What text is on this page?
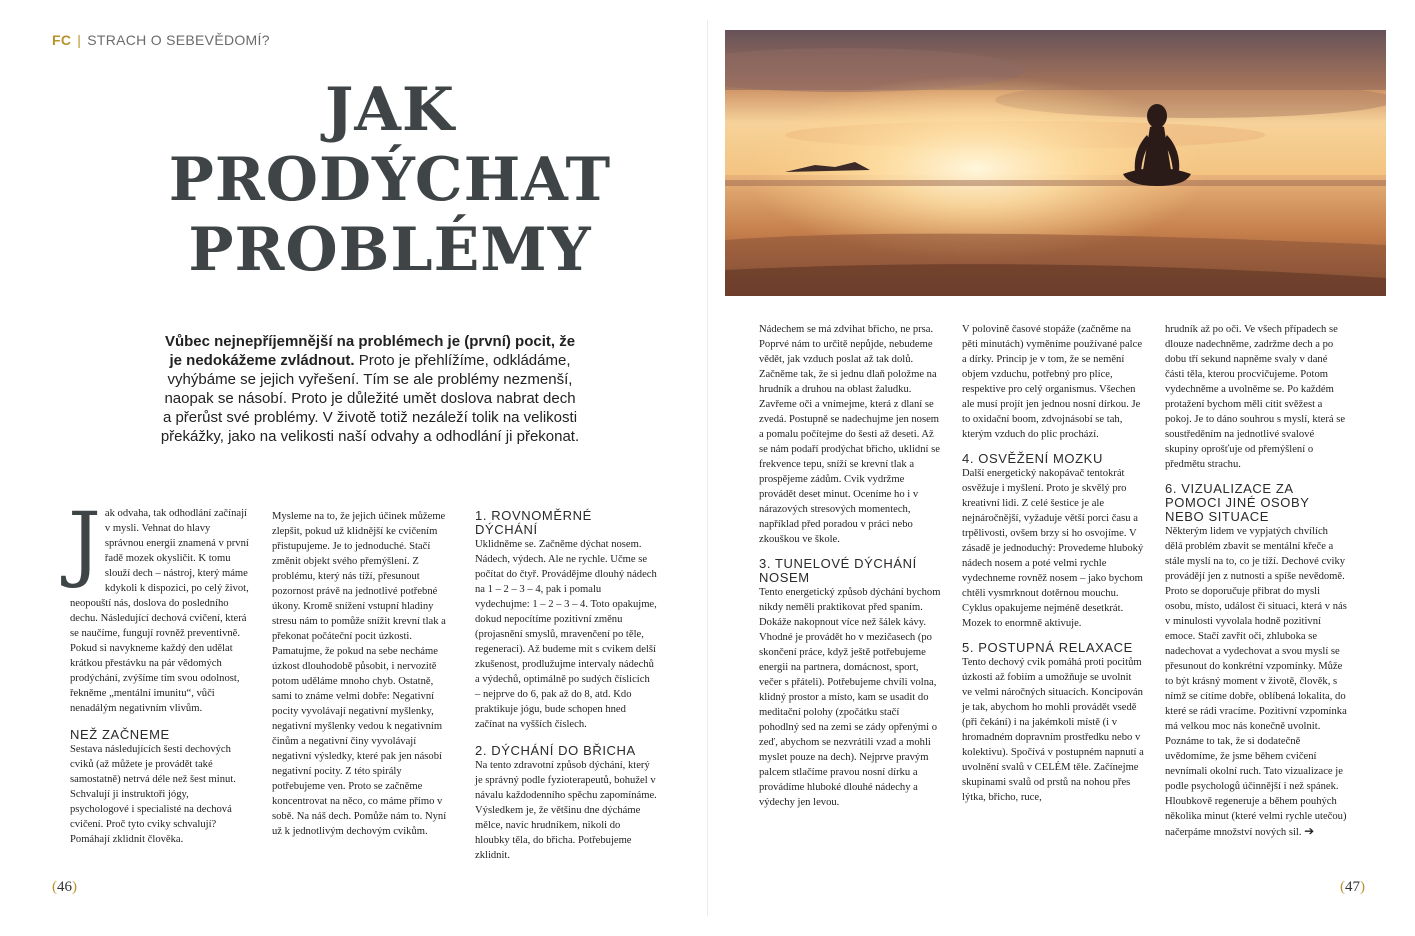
FC | STRACH O SEBEVĚDOMÍ?
JAK
PRODÝCHAT
PROBLÉMY
Vůbec nejnepříjemnější na problémech je (první) pocit, že je nedokážeme zvládnout. Proto je přehlížíme, odkládáme, vyhýbáme se jejich vyřešení. Tím se ale problémy nezmenší, naopak se násobí. Proto je důležité umět doslova nabrat dech a přerůst své problémy. V životě totiž nezáleží tolik na velikosti překážky, jako na velikosti naší odvahy a odhodlání ji překonat.
J ak odvaha, tak odhodlání začínají v mysli. Vehnat do hlavy správnou energii znamená v první řadě mozek okysličit. K tomu slouží dech – nástroj, který máme kdykoli k dispozici, po celý život, neopouští nás, doslova do posledního dechu. Následující dechová cvičení, která se naučíme, fungují rovněž preventivně. Pokud si navykneme každý den udělat krátkou přestávku na pár vědomých prodýchání, zvýšíme tím svou odolnost, řekněme „mentální imunitu“, vůči nenadálým negativním vlivům.

NEŽ ZAČNEME

Sestava následujících šesti dechových cviků (až můžete je provádět také samostatně) netrvá déle než šest minut. Schvalují ji instruktoři jógy, psychologové i specialisté na dechová cvičení. Proč tyto cviky schvalují? Pomáhají zklidnit člověka.

Mysleme na to, že jejich účinek můžeme zlepšit, pokud už klidnější ke cvičením přistupujeme. Je to jednoduché. Stačí změnit objekt svého přemýšlení. Z problému, který nás tíží, přesunout pozornost právě na jednotlivé potřebné úkony. Kromě snížení vstupní hladiny stresu nám to pomůže snížit krevní tlak a překonat počáteční pocit úzkosti. Pamatujme, že pokud na sebe necháme úzkost dlouhodobě působit, i nervozitě potom uděláme mnoho chyb. Ostatně, sami to známe velmi dobře: Negativní pocity vyvolávají negativní myšlenky, negativní myšlenky vedou k negativním činům a negativní činy vyvolávají negativní výsledky, které pak jen násobí negativní pocity. Z této spirály potřebujeme ven. Proto se začněme koncentrovat na něco, co máme přímo v sobě. Na náš dech. Pomůže nám to. Nyní už k jednotlivým dechovým cvikům.

1. ROVNOMĚRNÉ DÝCHÁNÍ

Uklidněme se. Začněme dýchat nosem. Nádech, výdech. Ale ne rychle. Učme se počítat do čtyř. Provádějme dlouhý nádech na 1 – 2 – 3 – 4, pak i pomalu vydechujme: 1 – 2 – 3 – 4. Toto opakujme, dokud nepocítíme pozitivní změnu (projasnění smyslů, mravenčení po těle, regeneraci). Až budeme mít s cvikem delší zkušenost, prodlužujme intervaly nádechů a výdechů, optimálně po sudých číslicích – nejprve do 6, pak až do 8, atd. Kdo praktikuje jógu, bude schopen hned začínat na vyšších číslech.

2. DÝCHÁNÍ DO BŘICHA

Na tento zdravotní způsob dýchání, který je správný podle fyzioterapeutů, bohužel v návalu každodenního spěchu zapomínáme. Výsledkem je, že většinu dne dýcháme mělce, navíc hrudníkem, nikoli do hloubky těla, do břicha. Potřebujeme zklidnit.

(46)

Nádechem se má zdvihat břicho, ne prsa. Poprvé nám to určitě nepůjde, nebudeme vědět, jak vzduch poslat až tak dolů. Začněme tak, že si jednu dlaň položme na hrudník a druhou na oblast žaludku. Zavřeme oči a vnímejme, která z dlaní se zvedá. Postupně se nadechujme jen nosem a pomalu počítejme do šesti až deseti. Až se nám podaří prodýchat břicho, uklidní se frekvence tepu, sníží se krevní tlak a prospějeme zádům. Cvik vydržme provádět deset minut. Oceníme ho i v nárazových stresových momentech, například před poradou v práci nebo zkouškou ve škole.

3. TUNELOVÉ DÝCHÁNÍ NOSEM

Tento energetický způsob dýchání bychom nikdy neměli praktikovat před spaním. Dokáže nakopnout více než šálek kávy. Vhodné je provádět ho v mezičasech (po skončení práce, když ještě potřebujeme energii na partnera, domácnost, sport, večer s přáteli). Potřebujeme chvíli volna, klidný prostor a místo, kam se usadit do meditační polohy (zpočátku stačí pohodlný sed na zemi se zády opřenými o zeď, abychom se nezvrátili vzad a mohli myslet pouze na dech). Nejprve pravým palcem stlačíme pravou nosní dírku a provádíme hluboké dlouhé nádechy a výdechy jen levou.

V polovině časové stopáže (začněme na pěti minutách) vyměníme používané palce a dírky. Princip je v tom, že se nemění objem vzduchu, potřebný pro plíce, respektive pro celý organismus. Všechen ale musí projít jen jednou nosní dírkou. Je to oxidační boom, zdvojnásobí se tah, kterým vzduch do plic prochází.

4. OSVĚŽENÍ MOZKU

Další energetický nakopávač tentokrát osvěžuje i myšlení. Proto je skvělý pro kreativní lidi. Z celé šestice je ale nejnáročnější, vyžaduje větší porci času a trpělivosti, ovšem brzy si ho osvojíme. V zásadě je jednoduchý: Provedeme hluboký nádech nosem a poté velmi rychle vydechneme rovněž nosem – jako bychom chtěli vysmrknout dotěrnou mouchu. Cyklus opakujeme nejméně desetkrát. Mozek to enormně aktivuje.

5. POSTUPNÁ RELAXACE

Tento dechový cvik pomáhá proti pocitům úzkosti až fobiím a umožňuje se uvolnit ve velmi náročných situacích. Koncipován je tak, abychom ho mohli provádět vsedě (při čekání) i na jakémkoli místě (i v hromadném dopravním prostředku nebo v kolektivu). Spočívá v postupném napnutí a uvolnění svalů v CELÉM těle. Začínejme skupinami svalů od prstů na nohou přes lýtka, břicho, ruce,

hrudník až po oči. Ve všech případech se dlouze nadechněme, zadržme dech a po dobu tří sekund napněme svaly v dané části těla, kterou procvičujeme. Potom vydechněme a uvolněme se. Po každém protažení bychom měli cítit svěžest a pokoj. Je to dáno souhrou s myslí, která se soustředěním na jednotlivé svalové skupiny oprošťuje od přemýšlení o předmětu strachu.

6. VIZUALIZACE ZA POMOCI JINÉ OSOBY NEBO SITUACE

Některým lidem ve vypjatých chvílích dělá problém zbavit se mentální křeče a stále myslí na to, co je tíží. Dechové cviky provádějí jen z nutnosti a spíše nevědomě. Proto se doporučuje přibrat do mysli osobu, místo, událost či situaci, která v nás v minulosti vyvolala hodně pozitivní emoce. Stačí zavřít oči, zhluboka se nadechovat a vydechovat a svou myslí se přesunout do konkrétní vzpomínky. Může to být krásný moment v životě, člověk, s nímž se cítíme dobře, oblíbená lokalita, do které se rádi vracíme. Pozitivní vzpomínka má velkou moc nás konečně uvolnit. Poznáme to tak, že si dodatečně uvědomíme, že jsme během cvičení nevnímali okolní ruch. Tato vizualizace je podle psychologů účinnější i než spánek. Hloubkově regeneruje a během pouhých několika minut (které velmi rychle utečou) načerpáme množství nových sil. ➔

(47)
